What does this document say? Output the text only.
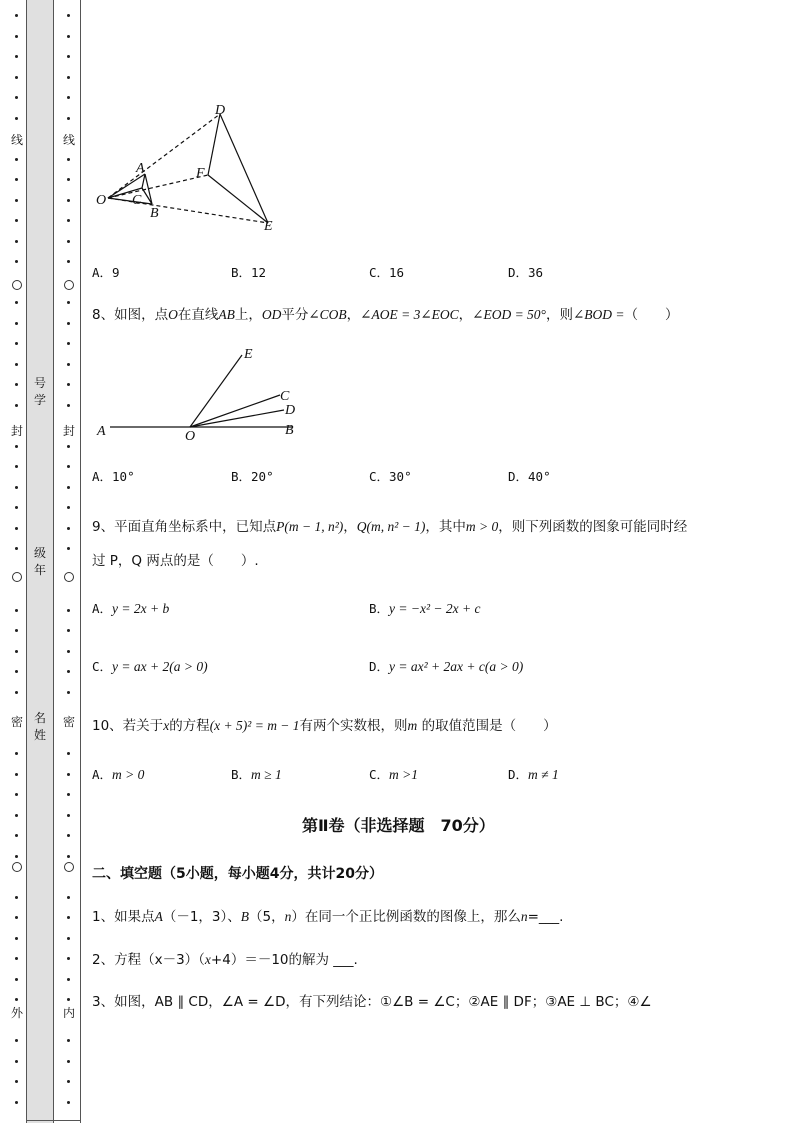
线
封
密
外
号
学
级
年
名
姓
线
封
密
内
D
A	F
O C
B
E
A．9	B．12	C．16	D．36
8、如图，点O在直线AB上，OD平分∠COB，∠AOE = 3∠EOC，∠EOD = 50°，则∠BOD =（　　）
E
C
D
A	O	B
A．10°	B．20°	C．30°	D．40°
9、平面直角坐标系中，已知点P(m − 1, n²)，Q(m, n² − 1)，其中m > 0，则下列函数的图象可能同时经
过 P，Q 两点的是（　　）.
A．y = 2x + b	B．y = −x² − 2x + c
C．y = ax + 2(a > 0)	D．y = ax² + 2ax + c(a > 0)
10、若关于x的方程(x + 5)² = m − 1有两个实数根，则m 的取值范围是（　　）
A．m > 0	B．m ≥ 1	C．m >1	D．m ≠ 1
第Ⅱ卷（非选择题　70分）
二、填空题（5小题，每小题4分，共计20分）
1、如果点A（－1，3）、B（5，n）在同一个正比例函数的图像上，那么n=___.
2、方程（x－3）（x+4）＝－10的解为 ___.
3、如图，AB ∥ CD，∠A = ∠D，有下列结论：①∠B = ∠C；②AE ∥ DF；③AE ⊥ BC；④∠
